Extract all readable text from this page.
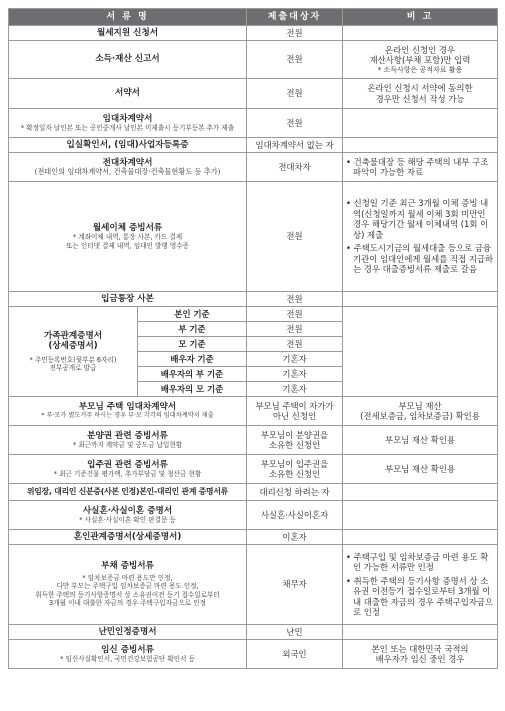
서 류 명		제출대상자	비 고
월세지원 신청서		전원	
소득·재산 신고서		전원	온라인 신청인 경우
재산사항(부채 포함)만 입력
* 소득사항은 공적자료 활용

서약서		전원	온라인 신청시 서약에 동의한
경우만 신청서 작성 가능

임대차계약서
* 확정일자 날인본 또는 공인중개사 날인본 미제출시 등기부등본 추가 제출		전원	
입실확인서, (임대)사업자등록증		임대차계약서 없는 자	

전대차계약서
(전대인의 임대차계약서, 건축물대장·건축물현황도 등 추가)		전대차자	• 건축물대장 등 해당 주택의 내부 구조 파악이 가능한 자료

월세이체 증빙서류
* 계좌이체 내역, 통장 사본, 카드 결제
또는 인터넷 결제 내역, 임대인 발행 영수증		전원	• 신청일 기준 최근 3개월 이체 증빙 내역(신청일까지 월세 이체 3회 미만인 경우 해당기간 월세 이체내역 (1회 이상) 제출
• 주택도시기금의 월세대출 등으로 금융기관이 임대인에게 월세를 직접 지급하는 경우 대출증빙서류 제출로 갈음

입금통장 사본		전원	

가족관계증명서
(상세증명서)
* 주민등록번호(뒷부분 6자리)
전부공개로 발급	본인 기준	전원	
	부 기준	전원	
	모 기준	전원	
	배우자 기준	기혼자	
	배우자의 부 기준	기혼자	
	배우자의 모 기준	기혼자	

부모님 주택 임대차계약서
* 부·모가 별도거주 하시는 경우 부·모 각각의 임대차계약서 제출		부모님 주택이 자가가
아닌 신청인	부모님 재산
(전세보증금, 임차보증금) 확인용

분양권 관련 증빙서류
* 최근까지 계약금 및 중도금 납입현황		부모님이 분양권을
소유한 신청인	부모님 재산 확인용

입주권 관련 증빙서류
* 최근 기준건물 평가액, 추가부담금 및 청산금 현황		부모님이 입주권을
소유한 신청인	부모님 재산 확인용
위임장, 대리인 신분증(사본 인정)본인-대리인 관계 증명서류		대리신청 하려는 자	

사실혼·사실이혼 증명서
* 사실혼·사실이혼 확인 판결문 등		사실혼·사실이혼자	
혼인관계증명서(상세증명서)		이혼자	

부채 증빙서류
* 임차보증금 마련 용도만 인정,
다만 부모는 주택구입 임차보증금 마련 용도 인정,
취득한 주택의 등기사항증명서 상 소유권이전 등기 접수일로부터
3개월 이내 대출한 자금의 경우 주택구입자금으로 인정		채무자	• 주택구입 및 임차보증금 마련 용도 확인 가능한 서류만 인정
• 취득한 주택의 등기사항 증명서 상 소유권 이전등기 접수일로부터 3개월 이내 대출한 자금의 경우 주택구입자금으로 인정

난민인정증명서		난민	

임신 증빙서류
* 임신사실확인서, 국민건강보험공단 확인서 등		외국인	본인 또는 대한민국 국적의
배우자가 임신 중인 경우
